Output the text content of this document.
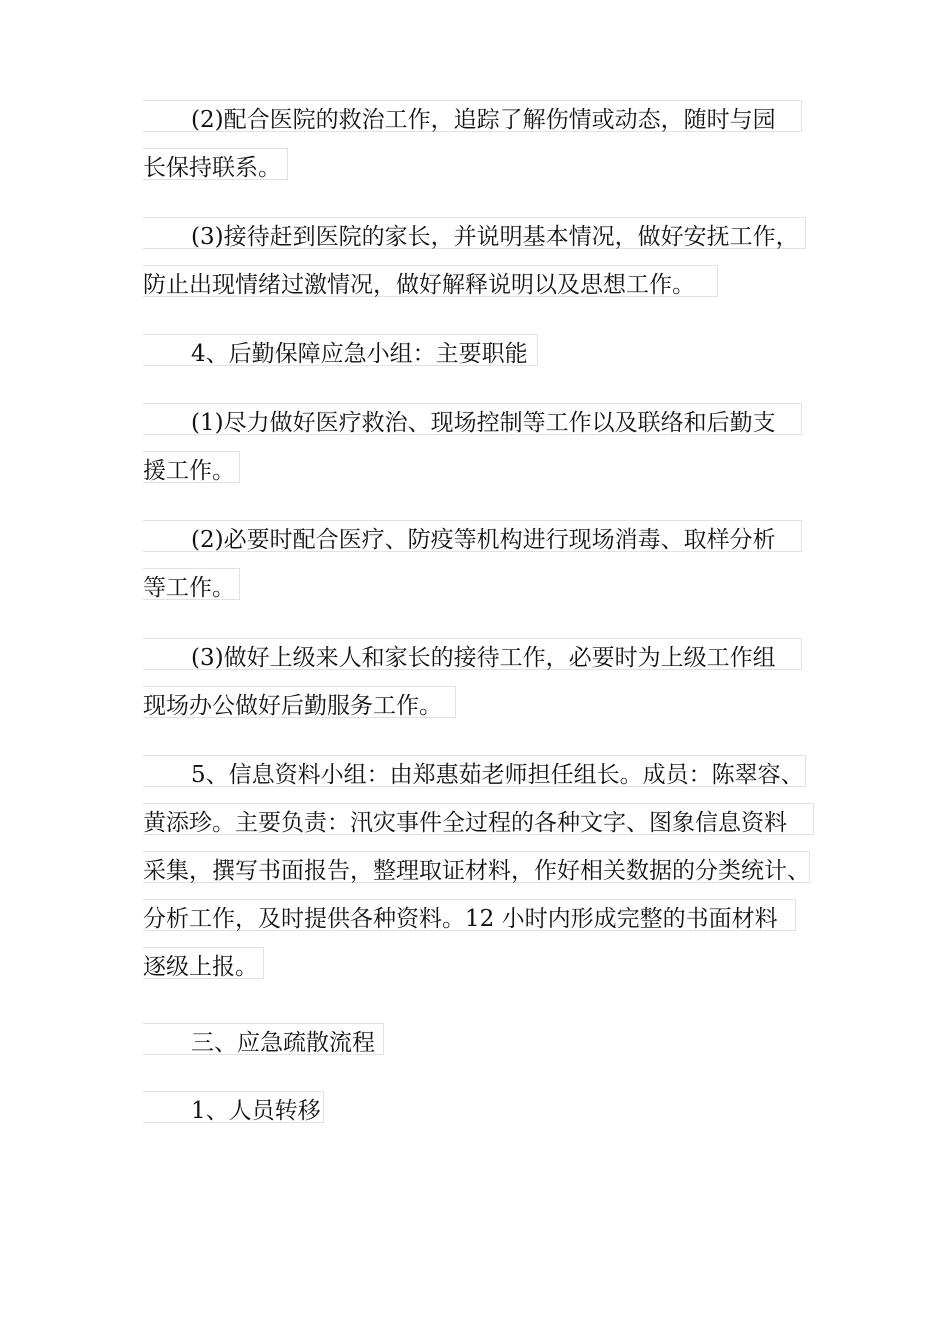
(2)配合医院的救治工作，追踪了解伤情或动态，随时与园
长保持联系。
(3)接待赶到医院的家长，并说明基本情况，做好安抚工作，
防止出现情绪过激情况，做好解释说明以及思想工作。
4、后勤保障应急小组：主要职能
(1)尽力做好医疗救治、现场控制等工作以及联络和后勤支
援工作。
(2)必要时配合医疗、防疫等机构进行现场消毒、取样分析
等工作。
(3)做好上级来人和家长的接待工作，必要时为上级工作组
现场办公做好后勤服务工作。
5、信息资料小组：由郑惠茹老师担任组长。成员：陈翠容、
黄添珍。主要负责：汛灾事件全过程的各种文字、图象信息资料
采集，撰写书面报告，整理取证材料，作好相关数据的分类统计、
分析工作，及时提供各种资料。12 小时内形成完整的书面材料
逐级上报。
三、应急疏散流程
1、人员转移
